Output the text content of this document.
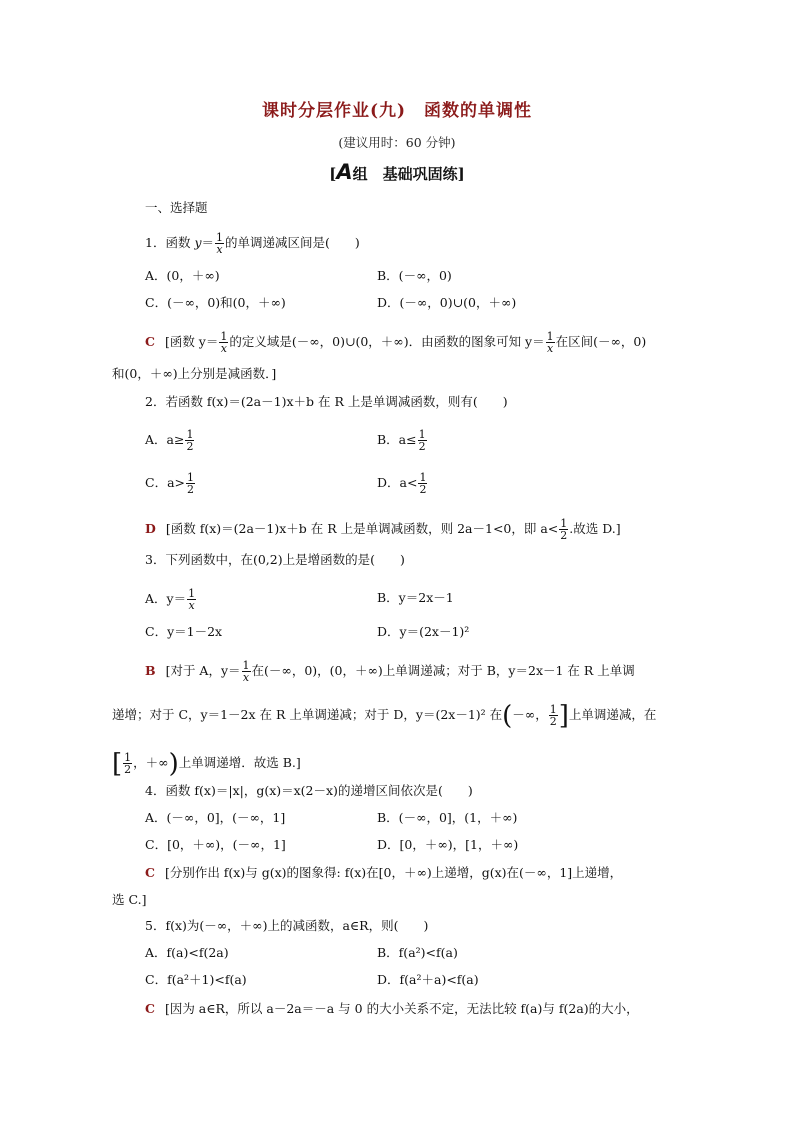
课时分层作业(九)　函数的单调性
(建议用时：60 分钟)
[A组　基础巩固练]
一、选择题
1．函数 $y= \frac{1}{x}$ 的单调递减区间是(　　)
A．(0，＋∞)	B．(－∞，0)
C．(－∞，0)和(0，＋∞)	D．(－∞，0)∪(0，＋∞)
C [函数 $y= \frac{1}{x}$ 的定义域是(－∞，0)∪(0，＋∞)．由函数的图象可知 $y= \frac{1}{x}$ 在区间(－∞，0)
和(0，＋∞)上分别是减函数．]
2．若函数 f(x)＝(2a－1)x＋b 在 R 上是单调减函数，则有(　　)
A．$a\ge \frac{1}{2}$	B．$a\le \frac{1}{2}$
C．$a> \frac{1}{2}$	D．$a< \frac{1}{2}$
D [函数 f(x)＝(2a－1)x＋b 在 R 上是单调减函数，则 2a－1<0，即 $a< \frac{1}{2}$ .故选 D.]
3．下列函数中，在(0,2)上是增函数的是(　　)
A．$y= \frac{1}{x}$	B．y＝2x－1
C．y＝1－2x	D．y＝(2x－1)²
B [对于 A，$y= \frac{1}{x}$ 在(－∞，0)，(0，＋∞)上单调递减；对于 B，y＝2x－1 在 R 上单调
递增；对于 C，y＝1－2x 在 R 上单调递减；对于 D，y＝(2x－1)² 在(－∞， $\frac{1}{2}$ ]上单调递减，在
[ $\frac{1}{2}$ ，＋∞)上单调递增．故选 B.]
4．函数 f(x)＝|x|，g(x)＝x(2－x)的递增区间依次是(　　)
A．(－∞，0]，(－∞，1]	B．(－∞，0]，(1，＋∞)
C．[0，＋∞)，(－∞，1]	D．[0，＋∞)，[1，＋∞)
C [分别作出 f(x)与 g(x)的图象得: f(x)在[0，＋∞)上递增，g(x)在(－∞，1]上递增，
选 C.]
5．f(x)为(－∞，＋∞)上的减函数，a∈R，则(　　)
A．f(a)<f(2a)	B．f(a²)<f(a)
C．f(a²＋1)<f(a)	D．f(a²＋a)<f(a)
C [因为 a∈R，所以 a－2a＝－a 与 0 的大小关系不定，无法比较 f(a)与 f(2a)的大小，
